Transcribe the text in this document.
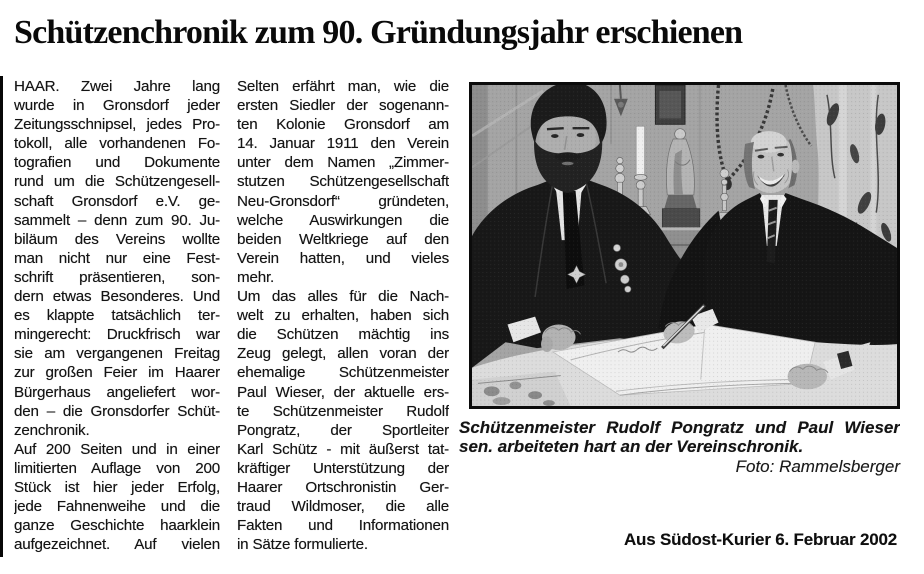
Schützenchronik zum 90. Gründungsjahr erschienen
HAAR. Zwei Jahre lang
wurde in Gronsdorf jeder
Zeitungsschnipsel, jedes Pro-
tokoll, alle vorhandenen Fo-
tografien und Dokumente
rund um die Schützengesell-
schaft Gronsdorf e.V. ge-
sammelt – denn zum 90. Ju-
biläum des Vereins wollte
man nicht nur eine Fest-
schrift präsentieren, son-
dern etwas Besonderes. Und
es klappte tatsächlich ter-
mingerecht: Druckfrisch war
sie am vergangenen Freitag
zur großen Feier im Haarer
Bürgerhaus angeliefert wor-
den – die Gronsdorfer Schüt-
zenchronik.
Auf 200 Seiten und in einer
limitierten Auflage von 200
Stück ist hier jeder Erfolg,
jede Fahnenweihe und die
ganze Geschichte haarklein
aufgezeichnet. Auf vielen
Selten erfährt man, wie die
ersten Siedler der sogenann-
ten Kolonie Gronsdorf am
14. Januar 1911 den Verein
unter dem Namen „Zimmer-
stutzen Schützengesellschaft
Neu-Gronsdorf“ gründeten,
welche Auswirkungen die
beiden Weltkriege auf den
Verein hatten, und vieles
mehr.
Um das alles für die Nach-
welt zu erhalten, haben sich
die Schützen mächtig ins
Zeug gelegt, allen voran der
ehemalige Schützenmeister
Paul Wieser, der aktuelle ers-
te Schützenmeister Rudolf
Pongratz, der Sportleiter
Karl Schütz - mit äußerst tat-
kräftiger Unterstützung der
Haarer Ortschronistin Ger-
traud Wildmoser, die alle
Fakten und Informationen
in Sätze formulierte.
Schützenmeister Rudolf Pongratz und Paul Wieser
sen. arbeiteten hart an der Vereinschronik.
Foto: Rammelsberger
Aus Südost-Kurier 6. Februar 2002
